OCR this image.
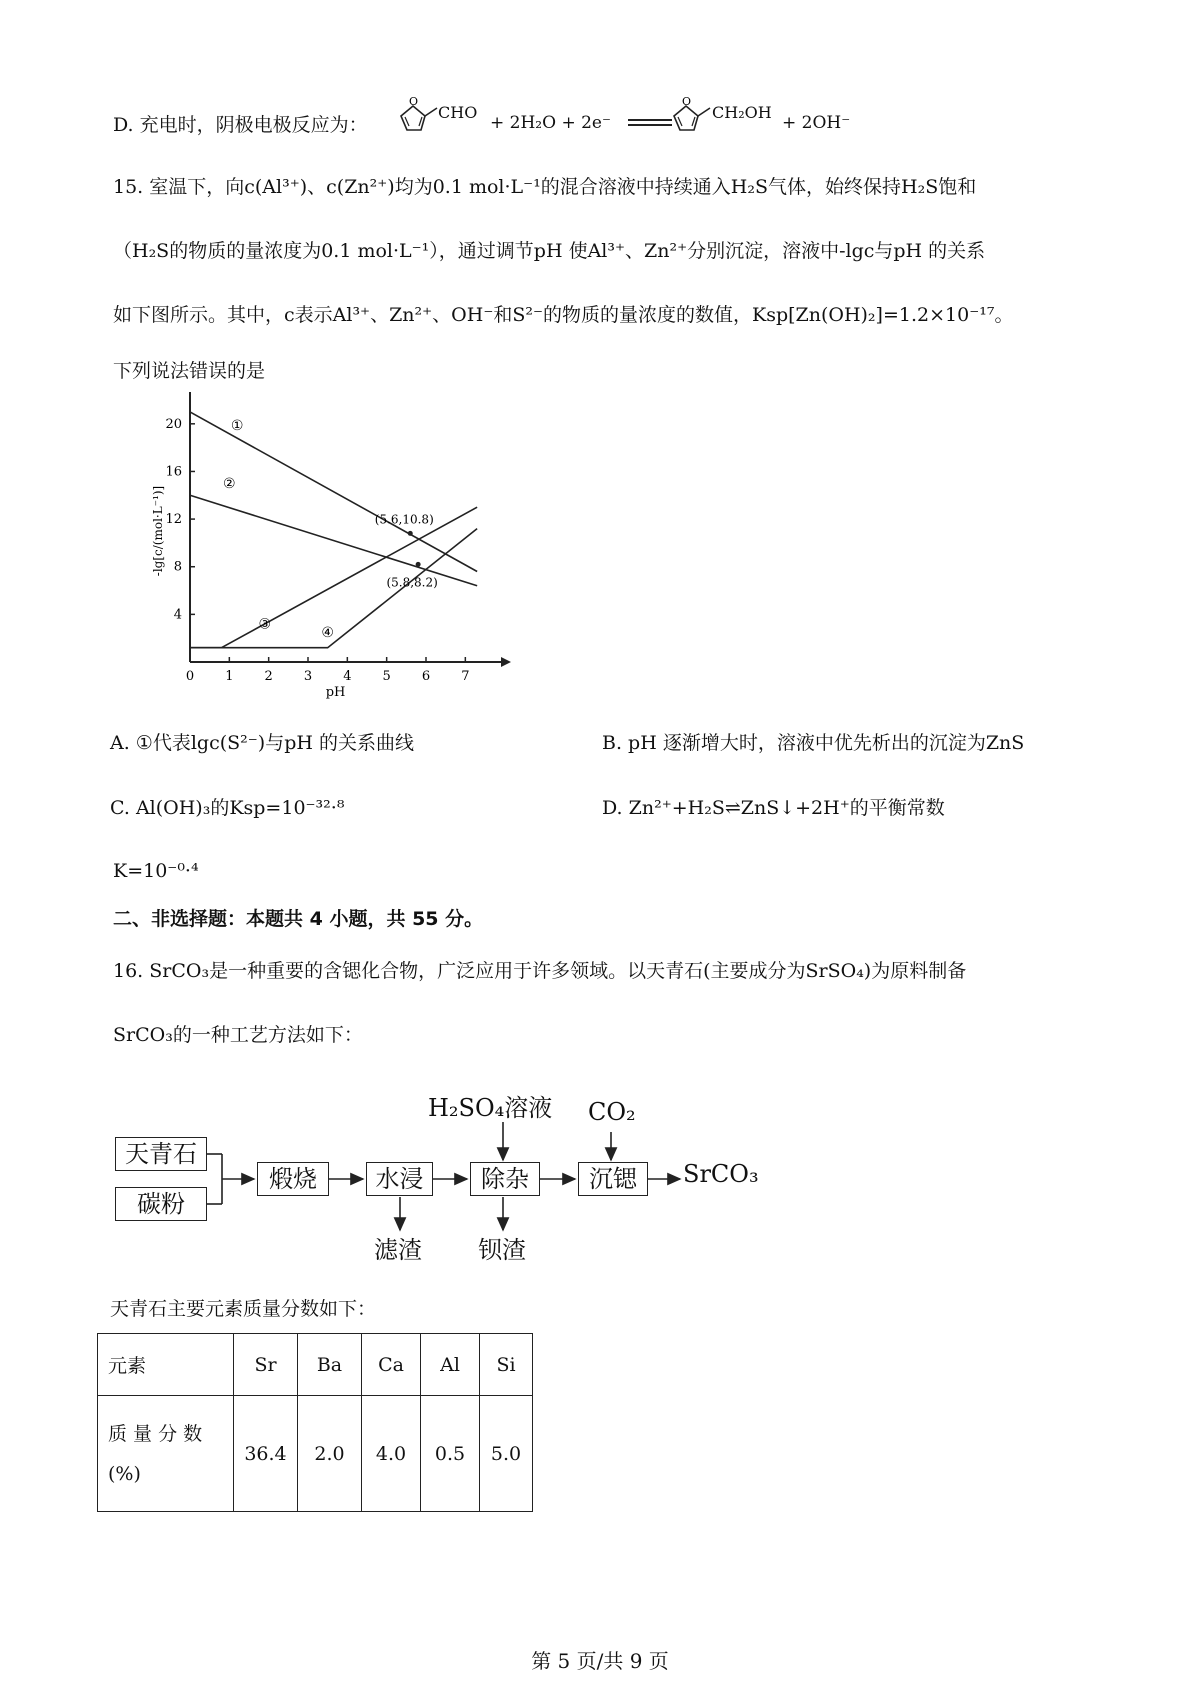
D. 充电时，阴极电极反应为：
O
CHO
+ 2H₂O + 2e⁻
O
CH₂OH
+ 2OH⁻
15. 室温下，向c(Al³⁺)、c(Zn²⁺)均为0.1 mol·L⁻¹的混合溶液中持续通入H₂S气体，始终保持H₂S饱和
（H₂S的物质的量浓度为0.1 mol·L⁻¹），通过调节pH 使Al³⁺、Zn²⁺分别沉淀，溶液中-lgc与pH 的关系
如下图所示。其中，c表示Al³⁺、Zn²⁺、OH⁻和S²⁻的物质的量浓度的数值，Ksp[Zn(OH)₂]=1.2×10⁻¹⁷。
下列说法错误的是
0 1 2 3 4 5 6 7
4
8
12
16
20
pH
-lg[c/(mol·L⁻¹)]
①
②
③
④
(5.6,10.8)
(5.8,8.2)
A. ①代表lgc(S²⁻)与pH 的关系曲线	B. pH 逐渐增大时，溶液中优先析出的沉淀为ZnS
C. Al(OH)₃的Ksp=10⁻³²·⁸	D. Zn²⁺+H₂S⇌ZnS↓+2H⁺的平衡常数
K=10⁻⁰·⁴
二、非选择题：本题共 4 小题，共 55 分。
16. SrCO₃是一种重要的含锶化合物，广泛应用于许多领域。以天青石(主要成分为SrSO₄)为原料制备
SrCO₃的一种工艺方法如下：
天青石
碳粉
煅烧	水浸	除杂	沉锶	SrCO₃
H₂SO₄溶液 CO₂
滤渣 钡渣
天青石主要元素质量分数如下：
元素	Sr	Ba	Ca	Al	Si

质 量 分 数
(%)	36.4	2.0	4.0	0.5	5.0
第 5 页/共 9 页
